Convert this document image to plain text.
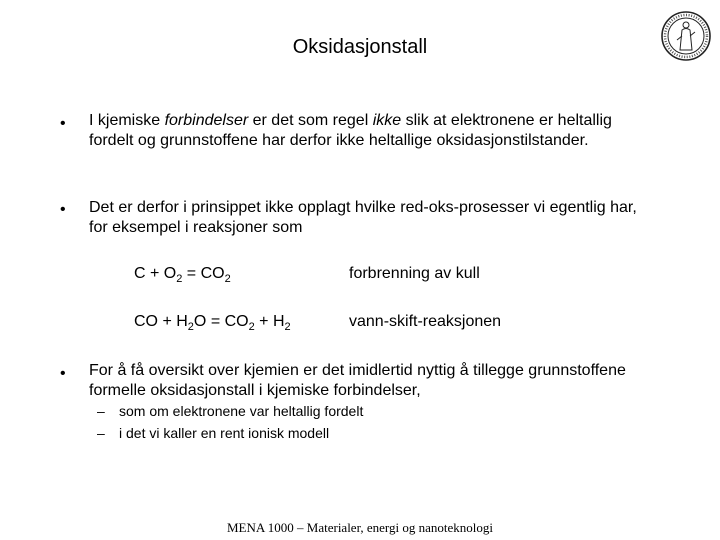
Oksidasjonstall
• I kjemiske forbindelser er det som regel ikke slik at elektronene er heltallig fordelt og grunnstoffene har derfor ikke heltallige oksidasjonstilstander.
• Det er derfor i prinsippet ikke opplagt hvilke red-oks-prosesser vi egentlig har, for eksempel i reaksjoner som
$C + O_2 = CO_2$	forbrenning av kull
CO + $H_2O = CO_2 + H_2$	vann-skift-reaksjonen
• For å få oversikt over kjemien er det imidlertid nyttig å tillegge grunnstoffene formelle oksidasjonstall i kjemiske forbindelser,
– som om elektronene var heltallig fordelt
– i det vi kaller en rent ionisk modell
MENA 1000 – Materialer, energi og nanoteknologi
